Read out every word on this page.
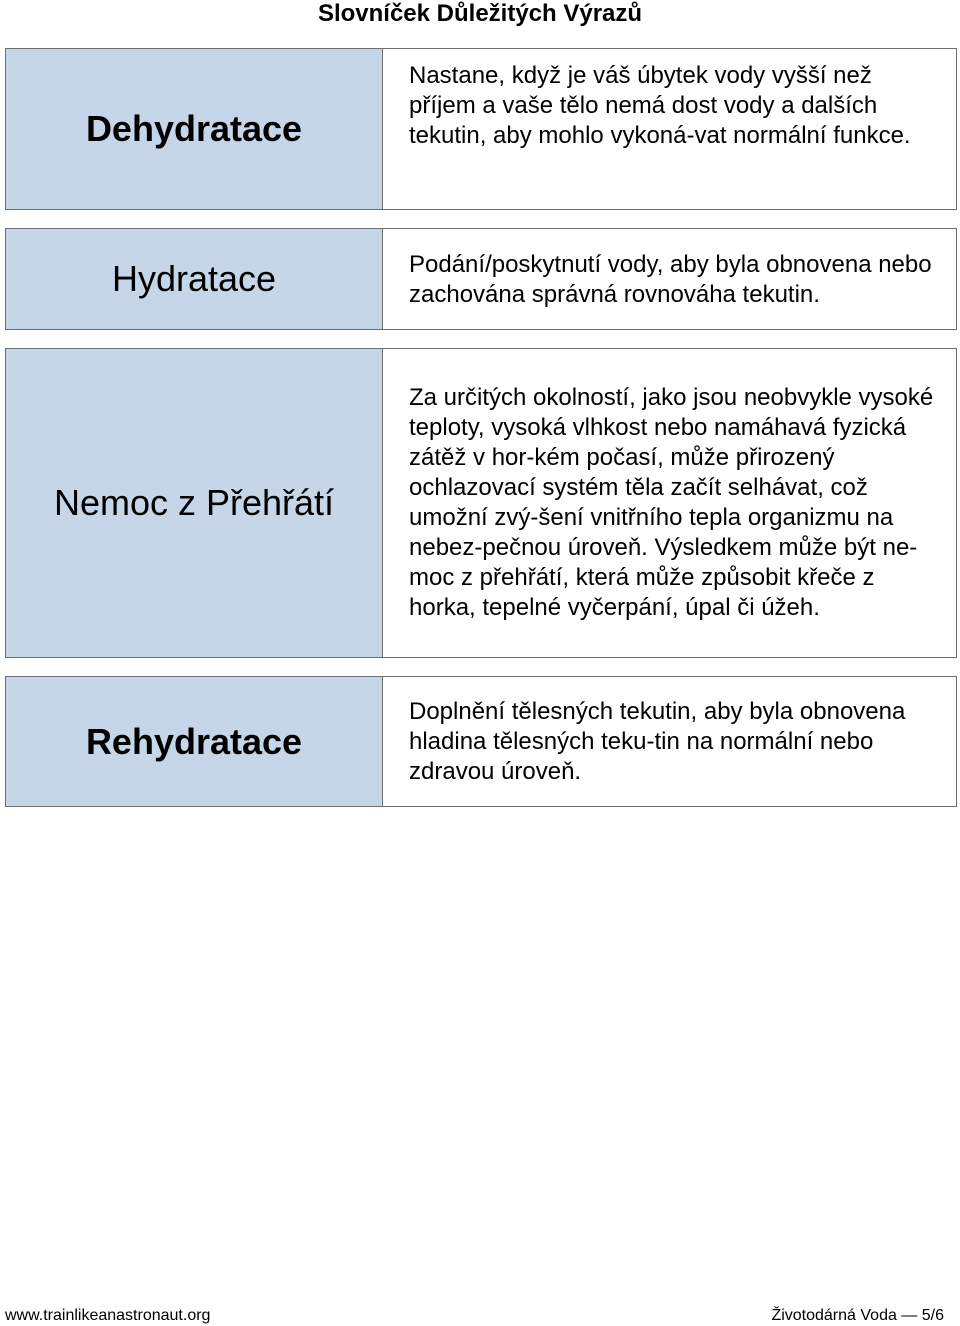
Slovníček Důležitých Výrazů
Dehydratace
Nastane, když je váš úbytek vody vyšší než příjem a vaše tělo nemá dost vody a dalších tekutin, aby mohlo vykoná-vat normální funkce.
Hydratace	Podání/poskytnutí vody, aby byla obnovena nebo zachována správná rovnováha tekutin.
Nemoc z Přehřátí
Za určitých okolností, jako jsou neobvykle vysoké teploty, vysoká vlhkost nebo namáhavá fyzická zátěž v hor-kém počasí, může přirozený ochlazovací systém těla začít selhávat, což umožní zvý-šení vnitřního tepla organizmu na nebez-pečnou úroveň. Výsledkem může být ne-moc z přehřátí, která může způsobit křeče z horka, tepelné vyčerpání, úpal či úžeh.
Rehydratace
Doplnění tělesných tekutin, aby byla obnovena hladina tělesných teku-tin na normální nebo zdravou úroveň.
www.trainlikeanastronaut.org	Životodárná Voda — 5/6
